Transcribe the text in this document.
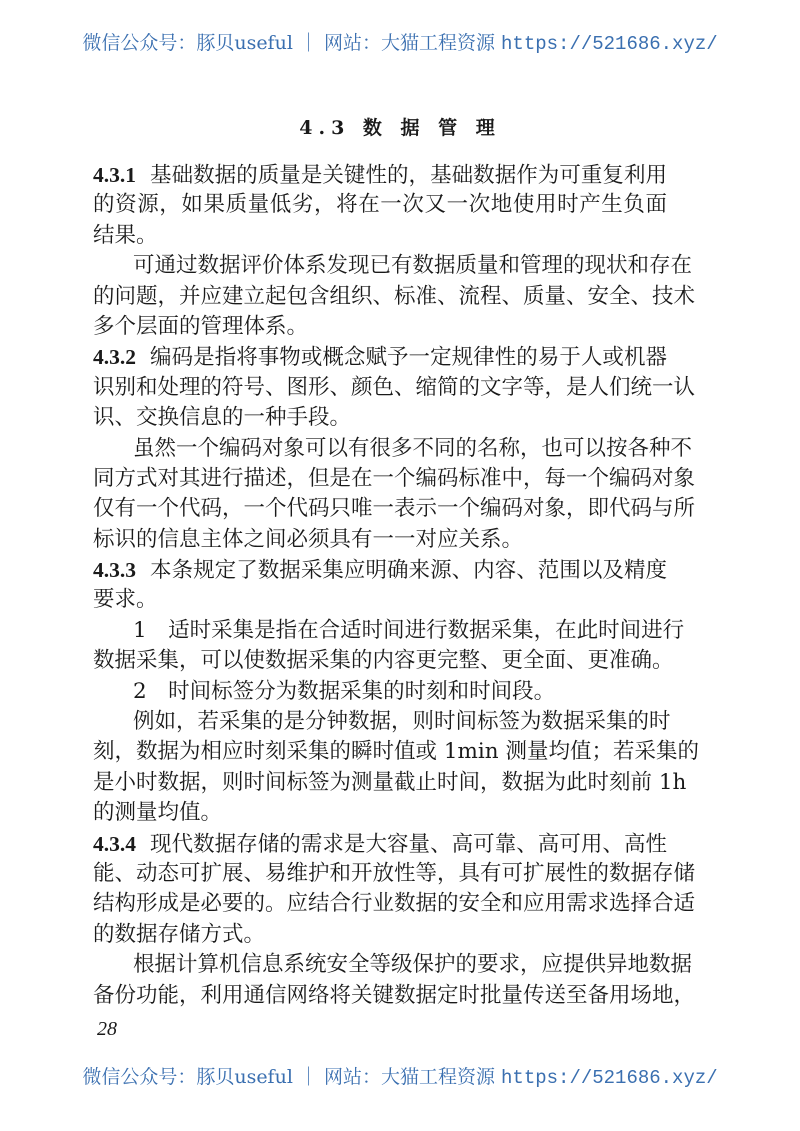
微信公众号：豚贝useful ｜ 网站：大猫工程资源 https://521686.xyz/
4.3 数 据 管 理
4.3.1 基础数据的质量是关键性的，基础数据作为可重复利用
的资源，如果质量低劣，将在一次又一次地使用时产生负面
结果。
可通过数据评价体系发现已有数据质量和管理的现状和存在
的问题，并应建立起包含组织、标准、流程、质量、安全、技术
多个层面的管理体系。
4.3.2 编码是指将事物或概念赋予一定规律性的易于人或机器
识别和处理的符号、图形、颜色、缩简的文字等，是人们统一认
识、交换信息的一种手段。
虽然一个编码对象可以有很多不同的名称，也可以按各种不
同方式对其进行描述，但是在一个编码标准中，每一个编码对象
仅有一个代码，一个代码只唯一表示一个编码对象，即代码与所
标识的信息主体之间必须具有一一对应关系。
4.3.3 本条规定了数据采集应明确来源、内容、范围以及精度
要求。
1　适时采集是指在合适时间进行数据采集，在此时间进行
数据采集，可以使数据采集的内容更完整、更全面、更准确。
2　时间标签分为数据采集的时刻和时间段。
例如，若采集的是分钟数据，则时间标签为数据采集的时
刻，数据为相应时刻采集的瞬时值或 1min 测量均值；若采集的
是小时数据，则时间标签为测量截止时间，数据为此时刻前 1h
的测量均值。
4.3.4 现代数据存储的需求是大容量、高可靠、高可用、高性
能、动态可扩展、易维护和开放性等，具有可扩展性的数据存储
结构形成是必要的。应结合行业数据的安全和应用需求选择合适
的数据存储方式。
根据计算机信息系统安全等级保护的要求，应提供异地数据
备份功能，利用通信网络将关键数据定时批量传送至备用场地，
28
微信公众号：豚贝useful ｜ 网站：大猫工程资源 https://521686.xyz/
